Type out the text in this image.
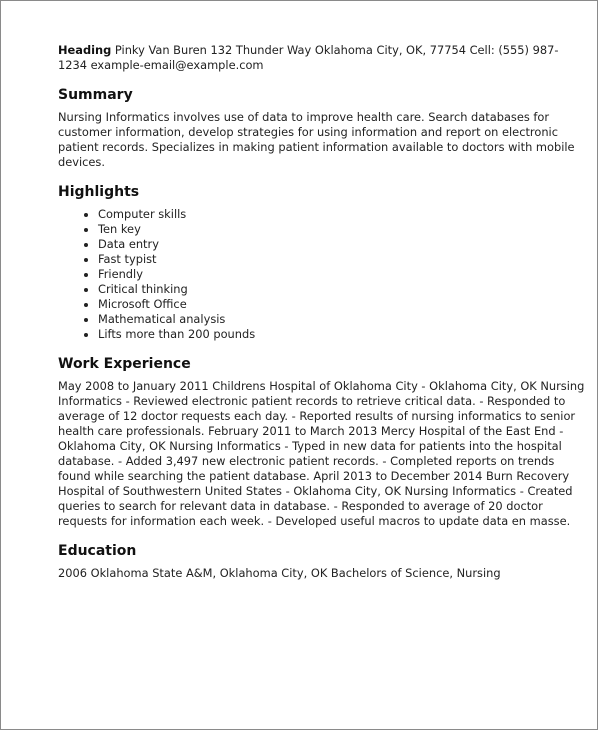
Heading Pinky Van Buren 132 Thunder Way Oklahoma City, OK, 77754 Cell: (555) 987-1234 example-email@example.com

Summary

Nursing Informatics involves use of data to improve health care. Search databases for customer information, develop strategies for using information and report on electronic patient records. Specializes in making patient information available to doctors with mobile devices.

Highlights
• Computer skills
• Ten key
• Data entry
• Fast typist
• Friendly
• Critical thinking
• Microsoft Office
• Mathematical analysis
• Lifts more than 200 pounds
Work Experience

May 2008 to January 2011 Childrens Hospital of Oklahoma City - Oklahoma City, OK Nursing Informatics - Reviewed electronic patient records to retrieve critical data. - Responded to average of 12 doctor requests each day. - Reported results of nursing informatics to senior health care professionals. February 2011 to March 2013 Mercy Hospital of the East End - Oklahoma City, OK Nursing Informatics - Typed in new data for patients into the hospital database. - Added 3,497 new electronic patient records. - Completed reports on trends found while searching the patient database. April 2013 to December 2014 Burn Recovery Hospital of Southwestern United States - Oklahoma City, OK Nursing Informatics - Created queries to search for relevant data in database. - Responded to average of 20 doctor requests for information each week. - Developed useful macros to update data en masse.

Education

2006 Oklahoma State A&M, Oklahoma City, OK Bachelors of Science, Nursing
